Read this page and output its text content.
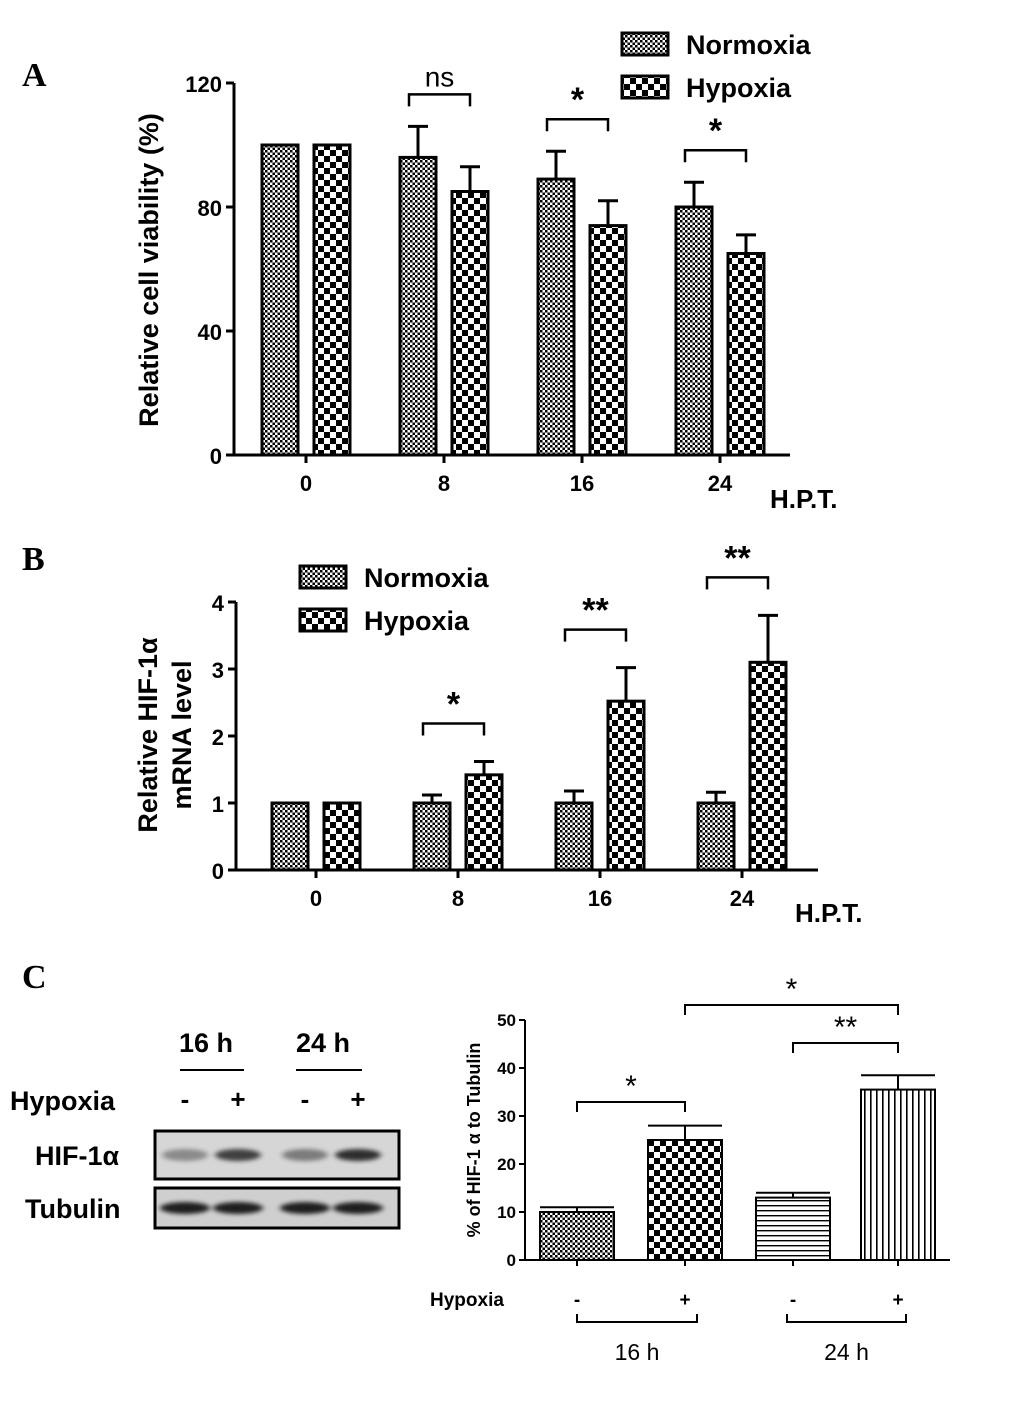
A
B
C
0
40
80
120
0	8
ns
16
*
24
*
H.P.T.
Relative cell viability (%)
Normoxia
Hypoxia
0
1
2
3
4
0	8
*
16
**
24
**
H.P.T.
Relative HIF-1α mRNA level
Normoxia
Hypoxia
0
10
20
30
40
50
-	+	-	+
Hypoxia
16 h	24 h
*
**
*
% of HIF-1 α to Tubulin
16 h 24 h
Hypoxia	- + - +
HIF-1α
Tubulin
